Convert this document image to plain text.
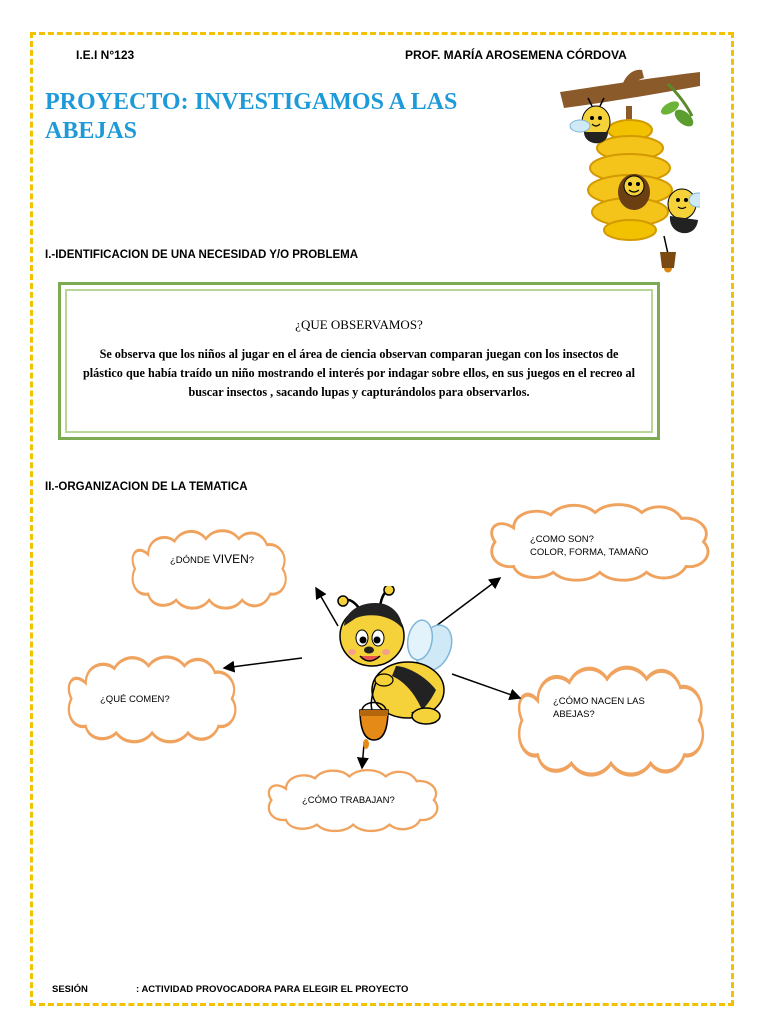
I.E.I N°123	PROF. MARÍA AROSEMENA CÓRDOVA
PROYECTO: INVESTIGAMOS A LAS ABEJAS
I.-IDENTIFICACION DE UNA NECESIDAD Y/O PROBLEMA
¿QUE OBSERVAMOS?
Se observa que los niños al jugar en el área de ciencia observan comparan juegan con los insectos de plástico que había traído un niño mostrando el interés por indagar sobre ellos, en sus juegos en el recreo al buscar insectos , sacando lupas y capturándolos para observarlos.
II.-ORGANIZACION DE LA TEMATICA
¿DÓNDE VIVEN?
¿COMO SON?
COLOR, FORMA, TAMAÑO
¿QUÉ COMEN?	¿CÓMO NACEN LAS
ABEJAS?
¿CÓMO TRABAJAN?
SESIÓN	: ACTIVIDAD PROVOCADORA PARA ELEGIR EL PROYECTO
